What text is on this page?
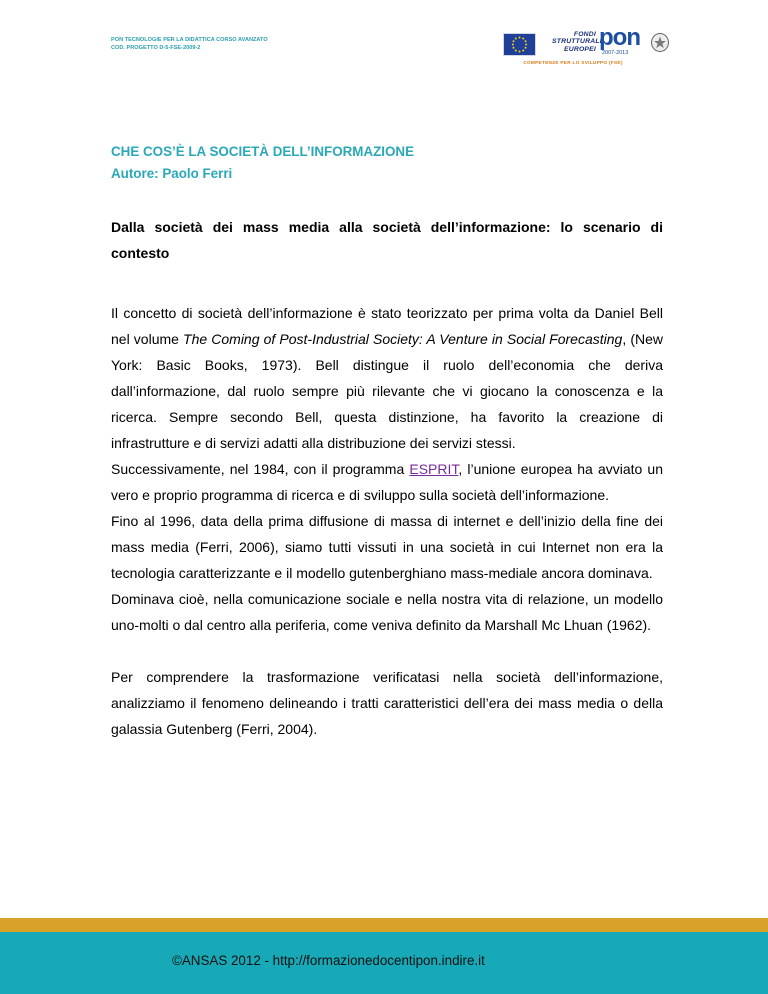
PON TECNOLOGIE PER LA DIDATTICA CORSO AVANZATO
COD. PROGETTO D-5-FSE-2009-2
FONDI
STRUTTURALI
EUROPEI pon
2007-2013
COMPETENZE PER LO SVILUPPO (FSE)
CHE COS’È LA SOCIETÀ DELL’INFORMAZIONE
Autore: Paolo Ferri

Dalla società dei mass media alla società dell’informazione: lo scenario di contesto

Il concetto di società dell’informazione è stato teorizzato per prima volta da Daniel Bell nel volume The Coming of Post-Industrial Society: A Venture in Social Forecasting, (New York: Basic Books, 1973). Bell distingue il ruolo dell’economia che deriva dall’informazione, dal ruolo sempre più rilevante che vi giocano la conoscenza e la ricerca. Sempre secondo Bell, questa distinzione, ha favorito la creazione di infrastrutture e di servizi adatti alla distribuzione dei servizi stessi.

Successivamente, nel 1984, con il programma ESPRIT, l’unione europea ha avviato un vero e proprio programma di ricerca e di sviluppo sulla società dell’informazione.

Fino al 1996, data della prima diffusione di massa di internet e dell’inizio della fine dei mass media (Ferri, 2006), siamo tutti vissuti in una società in cui Internet non era la tecnologia caratterizzante e il modello gutenberghiano mass-mediale ancora dominava.

Dominava cioè, nella comunicazione sociale e nella nostra vita di relazione, un modello uno-molti o dal centro alla periferia, come veniva definito da Marshall Mc Lhuan (1962).

Per comprendere la trasformazione verificatasi nella società dell’informazione, analizziamo il fenomeno delineando i tratti caratteristici dell’era dei mass media o della galassia Gutenberg (Ferri, 2004).

©ANSAS 2012 - http://formazionedocentipon.indire.it
